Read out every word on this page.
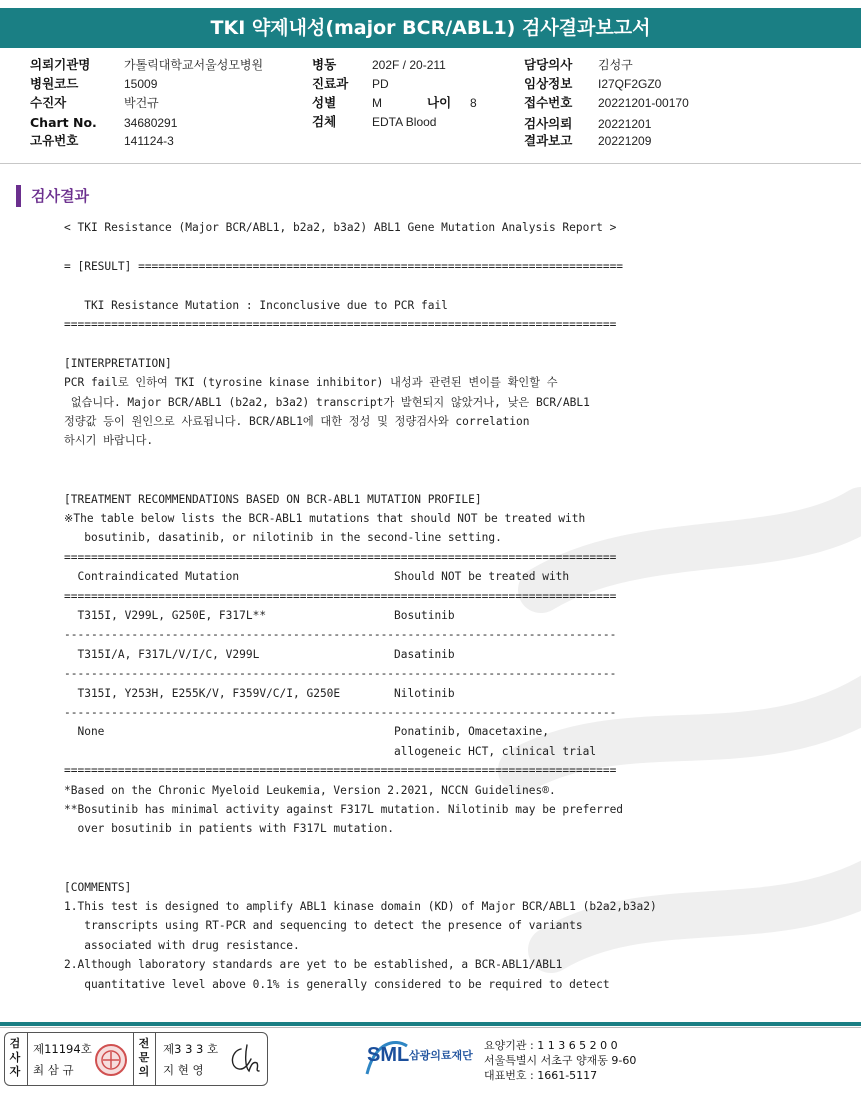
TKI 약제내성(major BCR/ABL1) 검사결과보고서
의뢰기관명	가톨릭대학교서울성모병원
병원코드	15009
수진자	박건규
Chart No. 34680291
고유번호	141124-3
병동	202F / 20-211
진료과 PD
성별	M	나이 8
검체	EDTA Blood
담당의사 김성구
임상정보 I27QF2GZ0
접수번호 20221201-00170
검사의뢰 20221201
결과보고 20221209
검사결과
< TKI Resistance (Major BCR/ABL1, b2a2, b3a2) ABL1 Gene Mutation Analysis Report >
= [RESULT] ========================================================================
TKI Resistance Mutation : Inconclusive due to PCR fail
==================================================================================
[INTERPRETATION]
PCR fail로 인하여 TKI (tyrosine kinase inhibitor) 내성과 관련된 변이를 확인할 수
없습니다. Major BCR/ABL1 (b2a2, b3a2) transcript가 발현되지 않았거나, 낮은 BCR/ABL1
정량값 등이 원인으로 사료됩니다. BCR/ABL1에 대한 정성 및 정량검사와 correlation
하시기 바랍니다.
[TREATMENT RECOMMENDATIONS BASED ON BCR-ABL1 MUTATION PROFILE]
※The table below lists the BCR-ABL1 mutations that should NOT be treated with
bosutinib, dasatinib, or nilotinib in the second-line setting.
==================================================================================
Contraindicated Mutation                       Should NOT be treated with
==================================================================================
T315I, V299L, G250E, F317L**                   Bosutinib
----------------------------------------------------------------------------------
T315I/A, F317L/V/I/C, V299L                    Dasatinib
----------------------------------------------------------------------------------
T315I, Y253H, E255K/V, F359V/C/I, G250E        Nilotinib
----------------------------------------------------------------------------------
None                                           Ponatinib, Omacetaxine,
allogeneic HCT, clinical trial
==================================================================================
*Based on the Chronic Myeloid Leukemia, Version 2.2021, NCCN Guidelines®.
**Bosutinib has minimal activity against F317L mutation. Nilotinib may be preferred
over bosutinib in patients with F317L mutation.
[COMMENTS]
1.This test is designed to amplify ABL1 kinase domain (KD) of Major BCR/ABL1 (b2a2,b3a2)
transcripts using RT-PCR and sequencing to detect the presence of variants
associated with drug resistance.
2.Although laboratory standards are yet to be established, a BCR-ABL1/ABL1
quantitative level above 0.1% is generally considered to be required to detect
검사자
제11194호
최 삼 규
전문의
제3 3 3 호
지 현 영
SML 삼광의료재단
요양기관 : 1 1 3 6 5 2 0 0
서울특별시 서초구 양재동 9-60
대표번호 : 1661-5117
